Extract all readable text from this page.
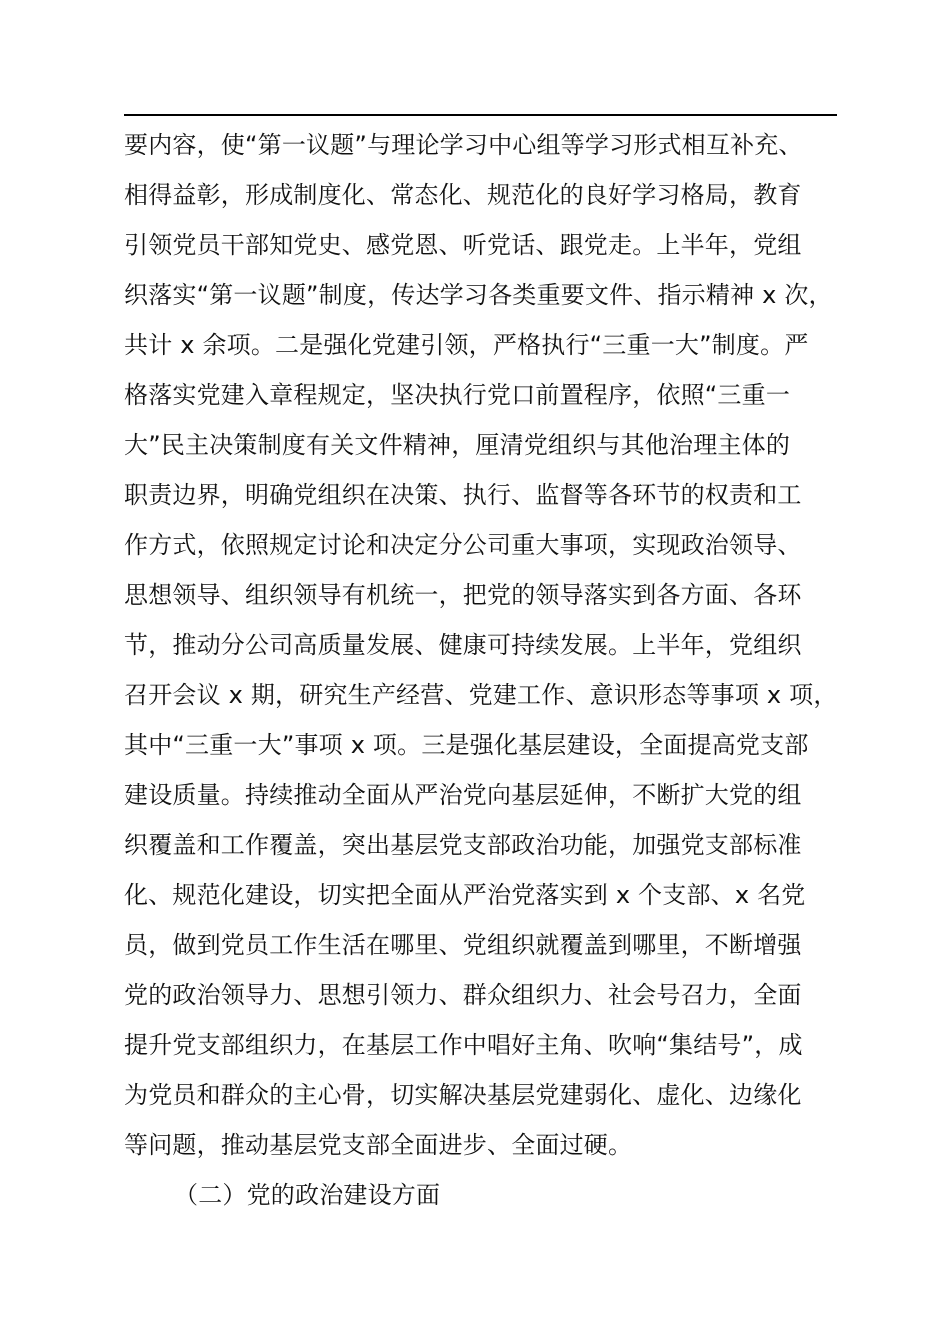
要内容，使“第一议题”与理论学习中心组等学习形式相互补充、
相得益彰，形成制度化、常态化、规范化的良好学习格局，教育
引领党员干部知党史、感党恩、听党话、跟党走。上半年，党组
织落实“第一议题”制度，传达学习各类重要文件、指示精神 x 次，
共计 x 余项。二是强化党建引领，严格执行“三重一大”制度。严
格落实党建入章程规定，坚决执行党口前置程序，依照“三重一
大”民主决策制度有关文件精神，厘清党组织与其他治理主体的
职责边界，明确党组织在决策、执行、监督等各环节的权责和工
作方式，依照规定讨论和决定分公司重大事项，实现政治领导、
思想领导、组织领导有机统一，把党的领导落实到各方面、各环
节，推动分公司高质量发展、健康可持续发展。上半年，党组织
召开会议 x 期，研究生产经营、党建工作、意识形态等事项 x 项，
其中“三重一大”事项 x 项。三是强化基层建设，全面提高党支部
建设质量。持续推动全面从严治党向基层延伸，不断扩大党的组
织覆盖和工作覆盖，突出基层党支部政治功能，加强党支部标准
化、规范化建设，切实把全面从严治党落实到 x 个支部、x 名党
员，做到党员工作生活在哪里、党组织就覆盖到哪里，不断增强
党的政治领导力、思想引领力、群众组织力、社会号召力，全面
提升党支部组织力，在基层工作中唱好主角、吹响“集结号”，成
为党员和群众的主心骨，切实解决基层党建弱化、虚化、边缘化
等问题，推动基层党支部全面进步、全面过硬。
（二）党的政治建设方面
